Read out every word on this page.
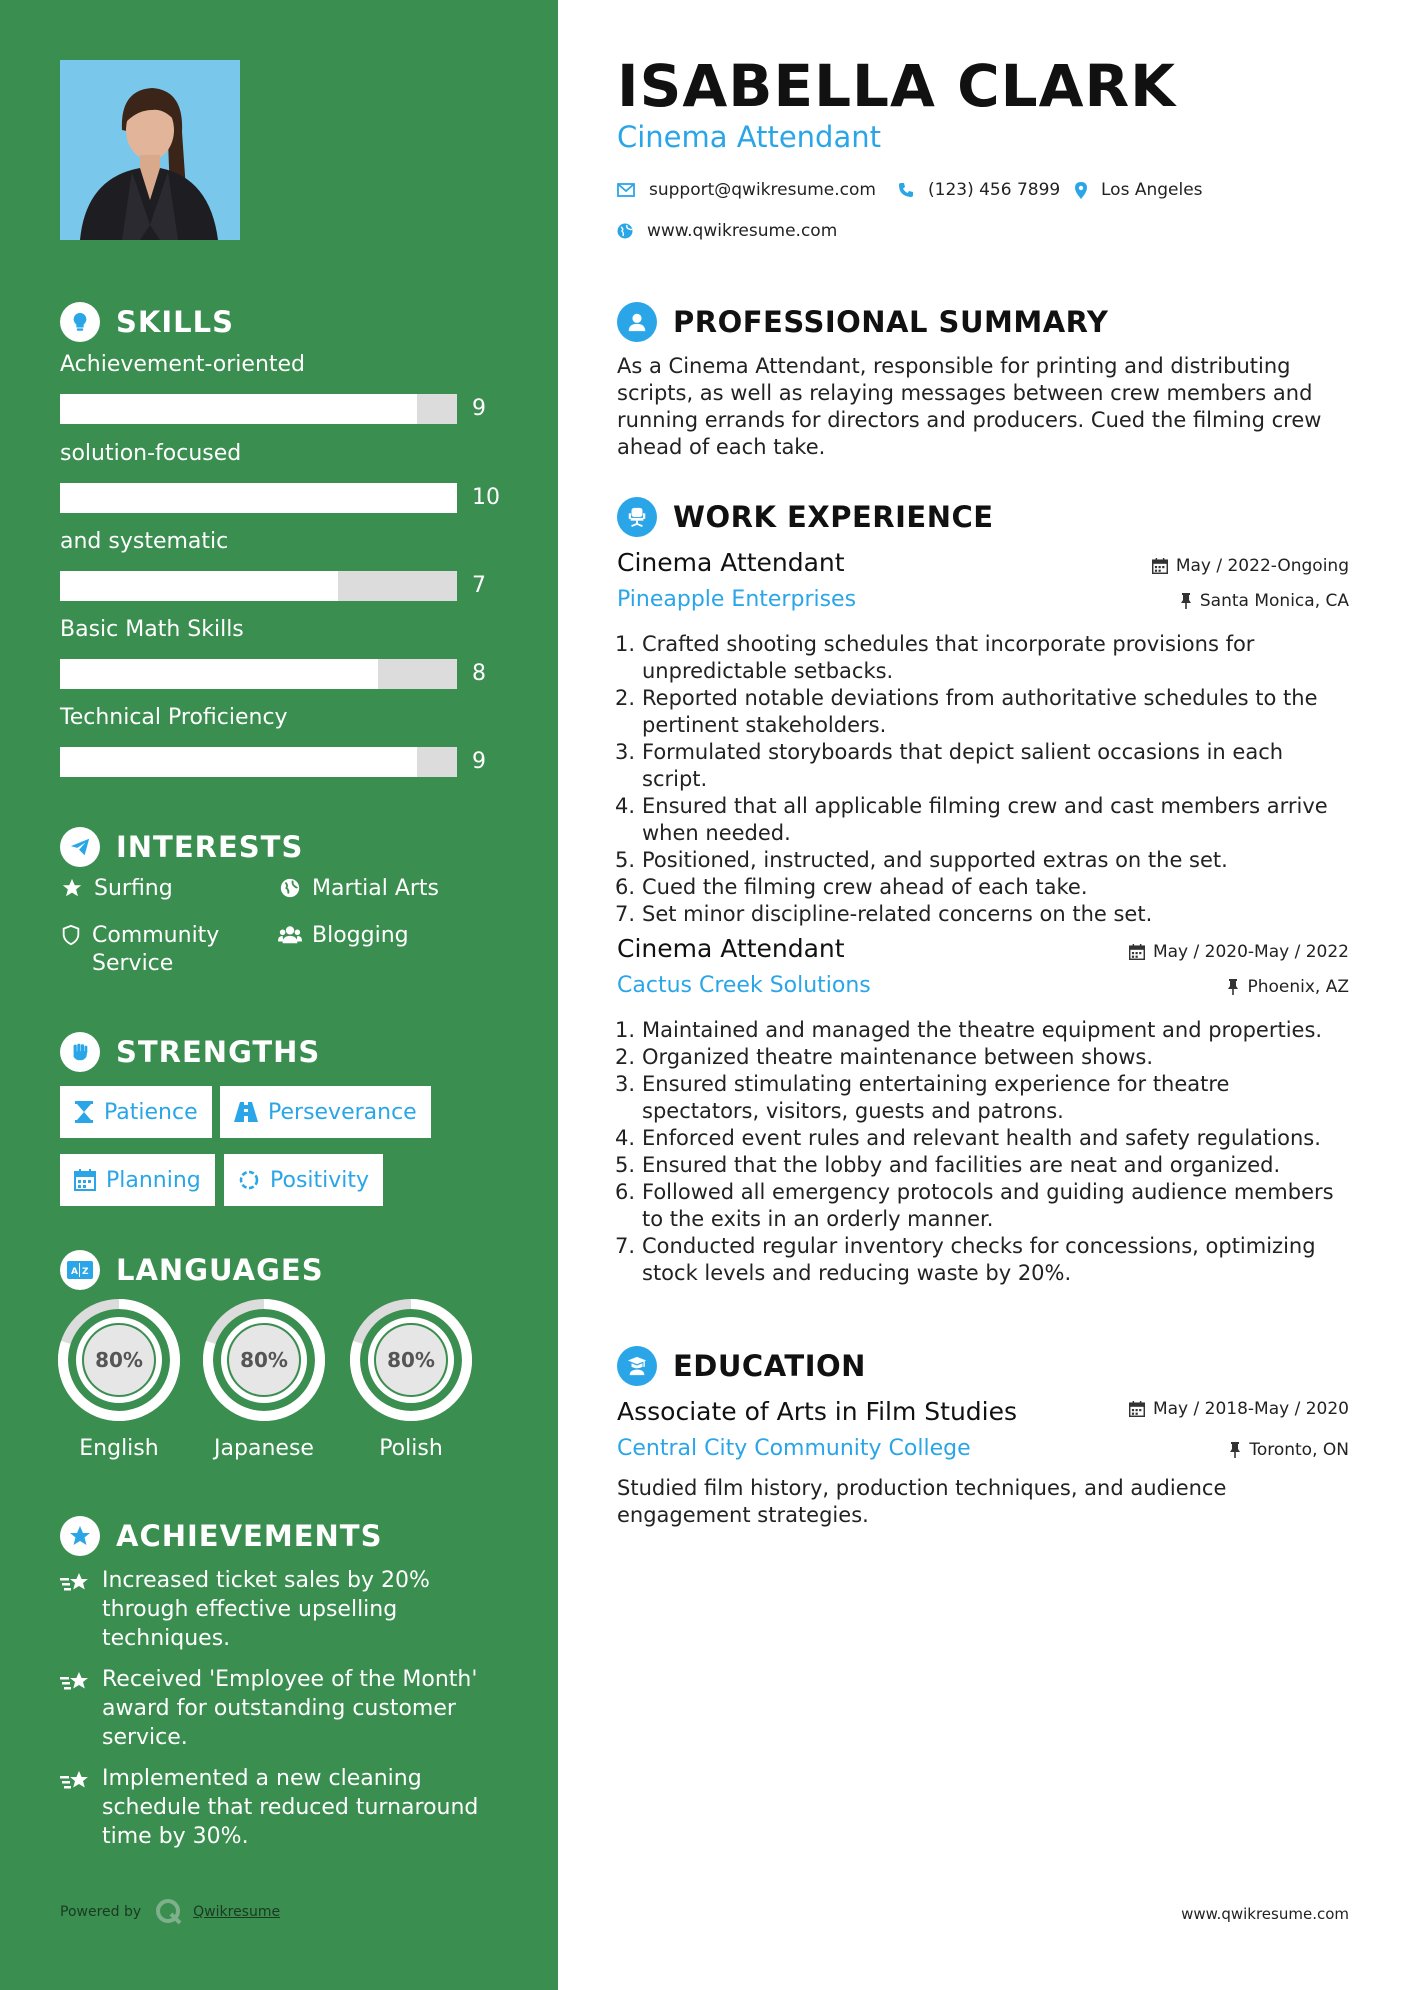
SKILLS
Achievement-oriented
9
solution-focused
10
and systematic
7
Basic Math Skills
8
Technical Proficiency
9
INTERESTS
Surfing	Martial Arts
Community Service
Blogging
STRENGTHS
Patience	Perseverance
Planning	Positivity
A Z LANGUAGES
80%
English
80%
Japanese
80%
Polish
ACHIEVEMENTS
Increased ticket sales by 20% through effective upselling techniques.
Received 'Employee of the Month' award for outstanding customer service.
Implemented a new cleaning schedule that reduced turnaround time by 30%.
Powered by	Qwikresume
ISABELLA CLARK
Cinema Attendant
support@qwikresume.com	(123) 456 7899 Los Angeles
www.qwikresume.com
PROFESSIONAL SUMMARY
As a Cinema Attendant, responsible for printing and distributing scripts, as well as relaying messages between crew members and running errands for directors and producers. Cued the filming crew ahead of each take.
WORK EXPERIENCE
Cinema Attendant	May / 2022-Ongoing
Pineapple Enterprises	Santa Monica, CA
1. Crafted shooting schedules that incorporate provisions for unpredictable setbacks.
2. Reported notable deviations from authoritative schedules to the pertinent stakeholders.
3. Formulated storyboards that depict salient occasions in each script.
4. Ensured that all applicable filming crew and cast members arrive when needed.
5. Positioned, instructed, and supported extras on the set.
6. Cued the filming crew ahead of each take.
7. Set minor discipline-related concerns on the set.
Cinema Attendant	May / 2020-May / 2022
Cactus Creek Solutions	Phoenix, AZ
1. Maintained and managed the theatre equipment and properties.
2. Organized theatre maintenance between shows.
3. Ensured stimulating entertaining experience for theatre spectators, visitors, guests and patrons.
4. Enforced event rules and relevant health and safety regulations.
5. Ensured that the lobby and facilities are neat and organized.
6. Followed all emergency protocols and guiding audience members to the exits in an orderly manner.
7. Conducted regular inventory checks for concessions, optimizing stock levels and reducing waste by 20%.
EDUCATION
Associate of Arts in Film Studies	May / 2018-May / 2020
Central City Community College	Toronto, ON
Studied film history, production techniques, and audience engagement strategies.
www.qwikresume.com
